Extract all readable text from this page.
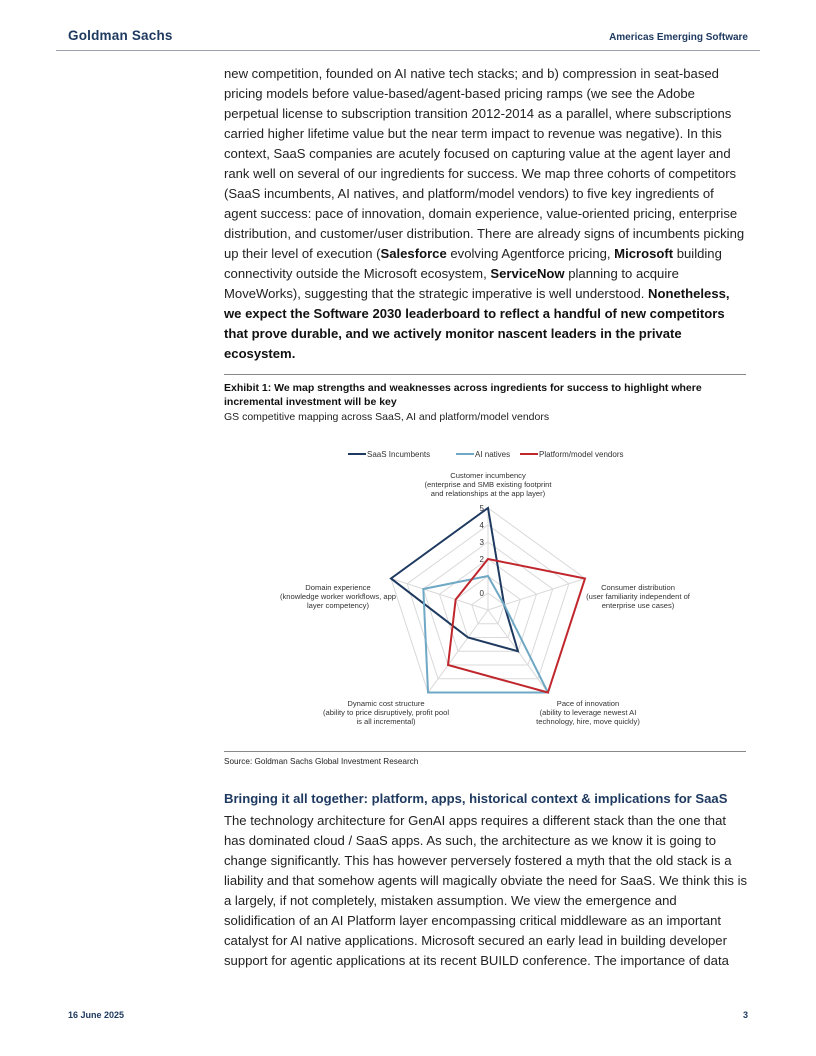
Goldman Sachs	Americas Emerging Software
new competition, founded on AI native tech stacks; and b) compression in seat-based pricing models before value-based/agent-based pricing ramps (we see the Adobe perpetual license to subscription transition 2012-2014 as a parallel, where subscriptions carried higher lifetime value but the near term impact to revenue was negative). In this context, SaaS companies are acutely focused on capturing value at the agent layer and rank well on several of our ingredients for success. We map three cohorts of competitors (SaaS incumbents, AI natives, and platform/model vendors) to five key ingredients of agent success: pace of innovation, domain experience, value-oriented pricing, enterprise distribution, and customer/user distribution. There are already signs of incumbents picking up their level of execution (Salesforce evolving Agentforce pricing, Microsoft building connectivity outside the Microsoft ecosystem, ServiceNow planning to acquire MoveWorks), suggesting that the strategic imperative is well understood. Nonetheless, we expect the Software 2030 leaderboard to reflect a handful of new competitors that prove durable, and we actively monitor nascent leaders in the private ecosystem.
Exhibit 1: We map strengths and weaknesses across ingredients for success to highlight where incremental investment will be key
GS competitive mapping across SaaS, AI and platform/model vendors
SaaS Incumbents	AI natives	Platform/model vendors
0
2
3
4
5
Customer incumbency
(enterprise and SMB existing footprint
and relationships at the app layer)
Consumer distribution
(user familiarity independent of
enterprise use cases)
Pace of innovation
(ability to leverage newest AI
technology, hire, move quickly)
Dynamic cost structure
(ability to price disruptively, profit pool
is all incremental)
Domain experience
(knowledge worker workflows, app
layer competency)
Source: Goldman Sachs Global Investment Research
Bringing it all together: platform, apps, historical context & implications for SaaS
The technology architecture for GenAI apps requires a different stack than the one that has dominated cloud / SaaS apps. As such, the architecture as we know it is going to change significantly. This has however perversely fostered a myth that the old stack is a liability and that somehow agents will magically obviate the need for SaaS. We think this is a largely, if not completely, mistaken assumption. We view the emergence and solidification of an AI Platform layer encompassing critical middleware as an important catalyst for AI native applications. Microsoft secured an early lead in building developer support for agentic applications at its recent BUILD conference. The importance of data
16 June 2025	3
